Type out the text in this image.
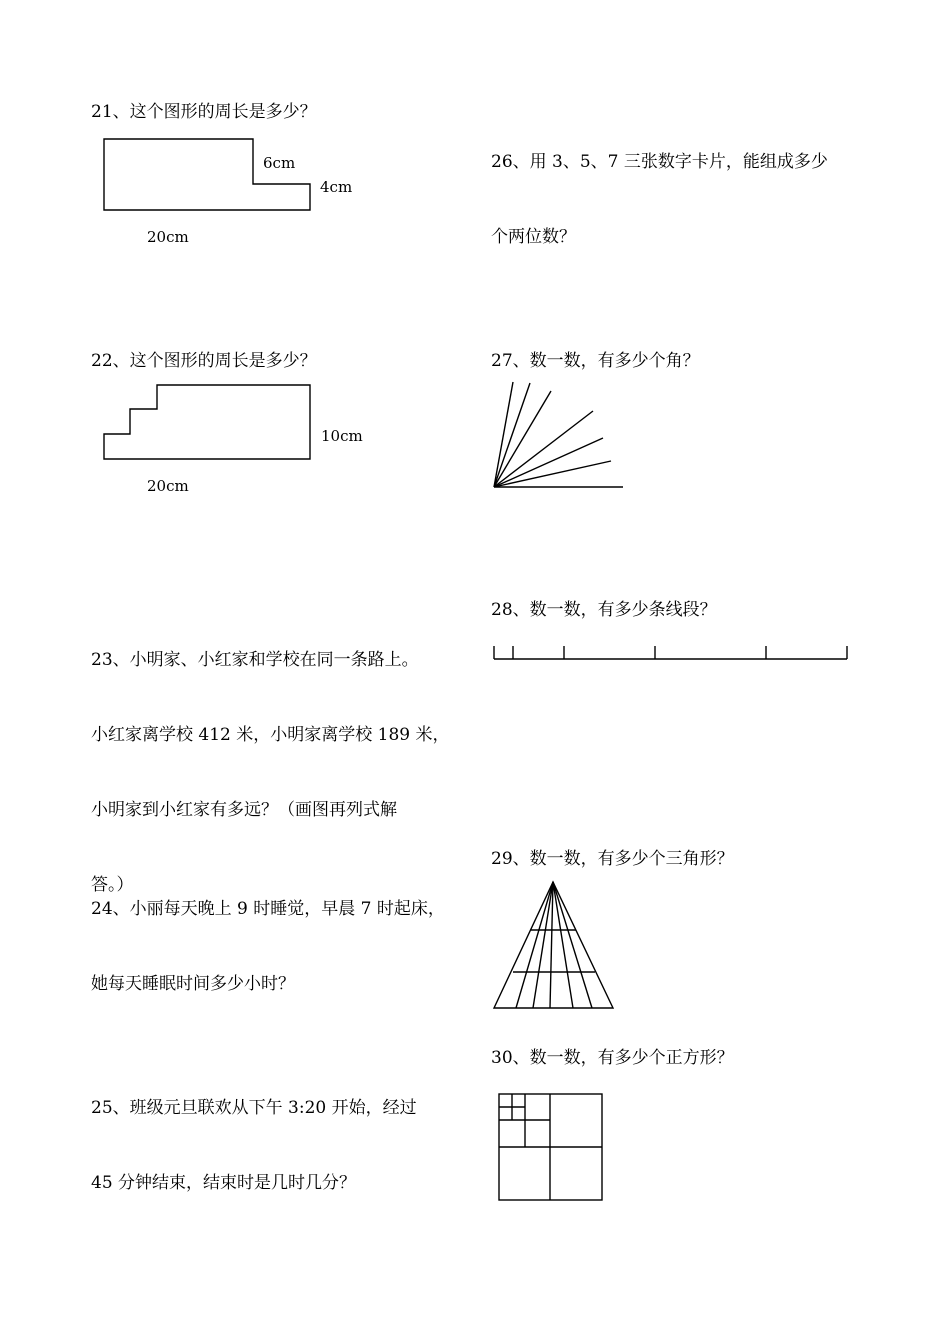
21、这个图形的周长是多少？
6cm
4cm
20cm
22、这个图形的周长是多少？
10cm
20cm

23、小明家、小红家和学校在同一条路上。

小红家离学校 412 米，小明家离学校 189 米，

小明家到小红家有多远？（画图再列式解

答。）

24、小丽每天晚上 9 时睡觉，早晨 7 时起床，

她每天睡眠时间多少小时？

25、班级元旦联欢从下午 3:20 开始，经过

45 分钟结束，结束时是几时几分？

26、用 3、5、7 三张数字卡片，能组成多少

个两位数？

27、数一数，有多少个角？
28、数一数，有多少条线段？
29、数一数，有多少个三角形？
30、数一数，有多少个正方形？
